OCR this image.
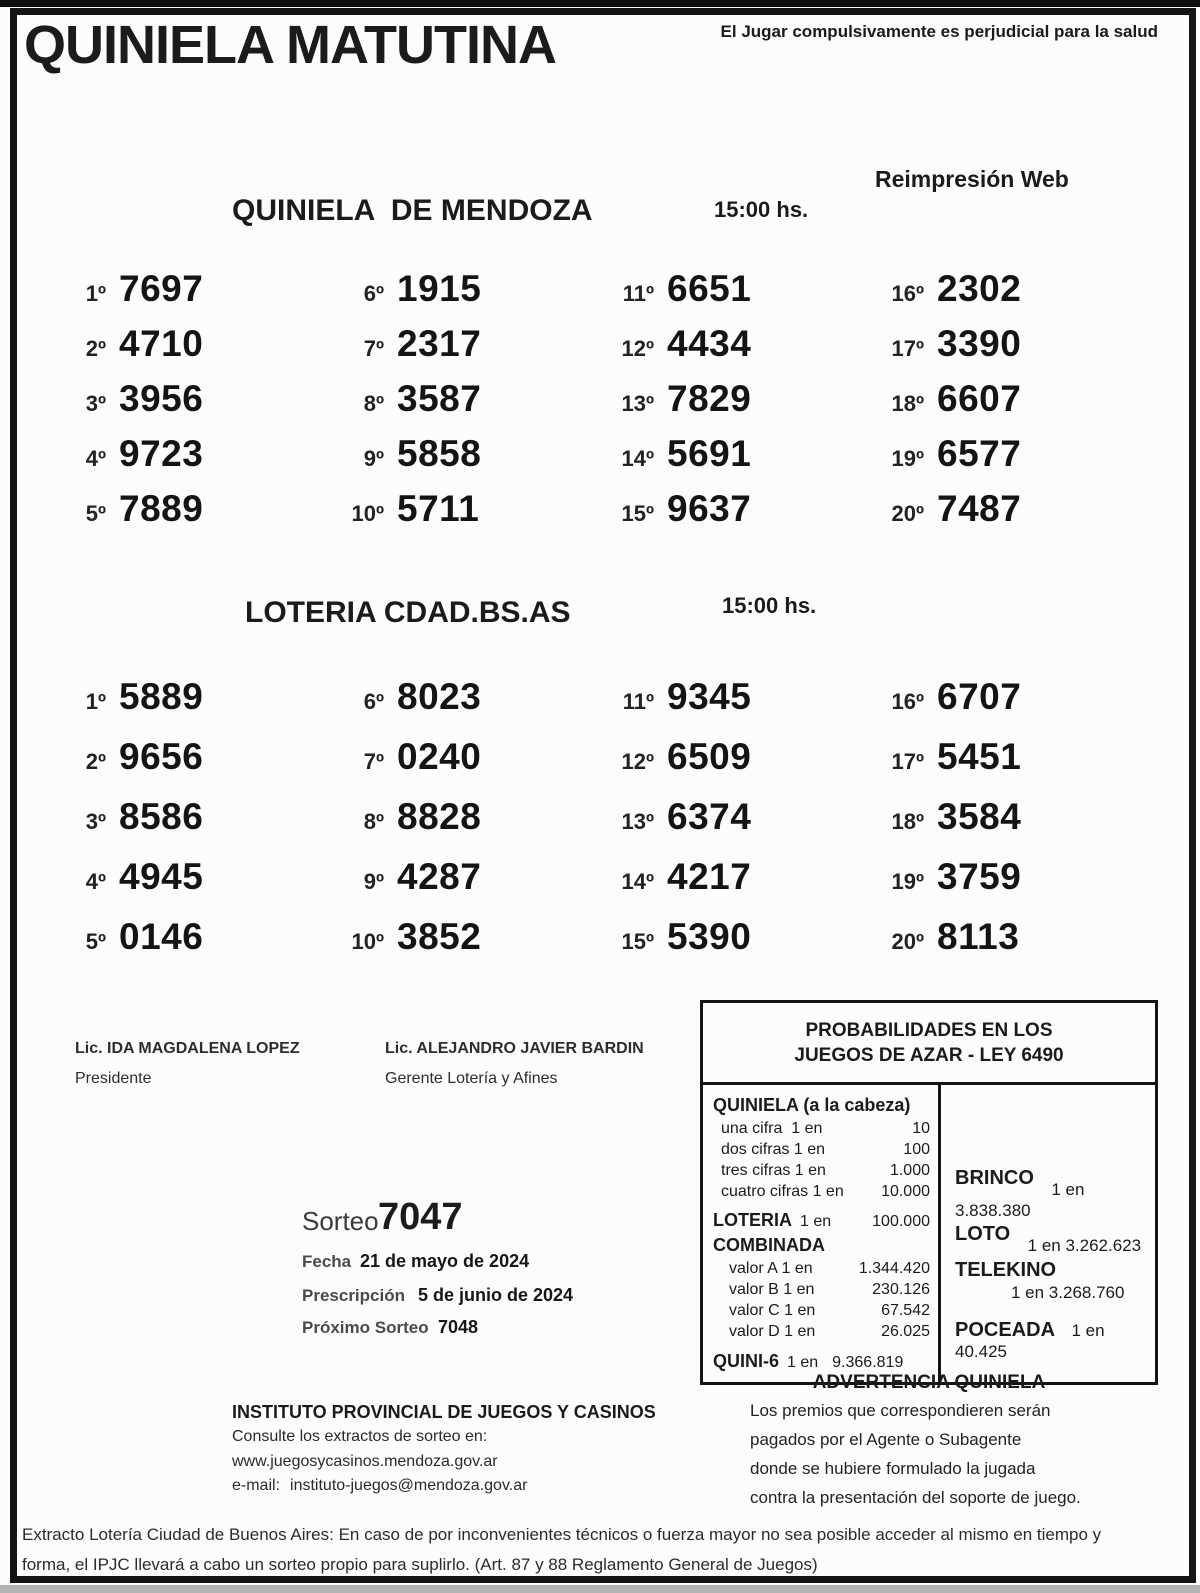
QUINIELA MATUTINA	El Jugar compulsivamente es perjudicial para la salud
Reimpresión Web
QUINIELA  DE MENDOZA	15:00 hs.
1º 7697
2º 4710
3º 3956
4º 9723
5º 7889
6º 1915
7º 2317
8º 3587
9º 5858
10º 5711
11º 6651
12º 4434
13º 7829
14º 5691
15º 9637
16º 2302
17º 3390
18º 6607
19º 6577
20º 7487
LOTERIA CDAD.BS.AS	15:00 hs.
1º 5889
2º 9656
3º 8586
4º 4945
5º 0146
6º 8023
7º 0240
8º 8828
9º 4287
10º 3852
11º 9345
12º 6509
13º 6374
14º 4217
15º 5390
16º 6707
17º 5451
18º 3584
19º 3759
20º 8113
Lic. IDA MAGDALENA LOPEZ
Presidente
Lic. ALEJANDRO JAVIER BARDIN
Gerente Lotería y Afines
Sorteo 7047
Fecha 21 de mayo de 2024
Prescripción 5 de junio de 2024
Próximo Sorteo 7048
PROBABILIDADES EN LOS
JUEGOS DE AZAR - LEY 6490
QUINIELA (a la cabeza)
una cifra  1 en	10
dos cifras 1 en	100
tres cifras 1 en	1.000
cuatro cifras 1 en 10.000
LOTERIA 1 en	100.000
COMBINADA
valor A 1 en	1.344.420
valor B 1 en	230.126
valor C 1 en	67.542
valor D 1 en	26.025
QUINI-6 1 en 9.366.819
BRINCO 1 en 3.838.380
LOTO 1 en 3.262.623
TELEKINO
1 en 3.268.760
POCEADA 1 en 40.425
ADVERTENCIA QUINIELA
Los premios que correspondieren serán
pagados por el Agente o Subagente
donde se hubiere formulado la jugada
contra la presentación del soporte de juego.
INSTITUTO PROVINCIAL DE JUEGOS Y CASINOS
Consulte los extractos de sorteo en:
www.juegosycasinos.mendoza.gov.ar
e-mail: instituto-juegos@mendoza.gov.ar
Extracto Lotería Ciudad de Buenos Aires: En caso de por inconvenientes técnicos o fuerza mayor no sea posible acceder al mismo en tiempo y
forma, el IPJC llevará a cabo un sorteo propio para suplirlo. (Art. 87 y 88 Reglamento General de Juegos)
